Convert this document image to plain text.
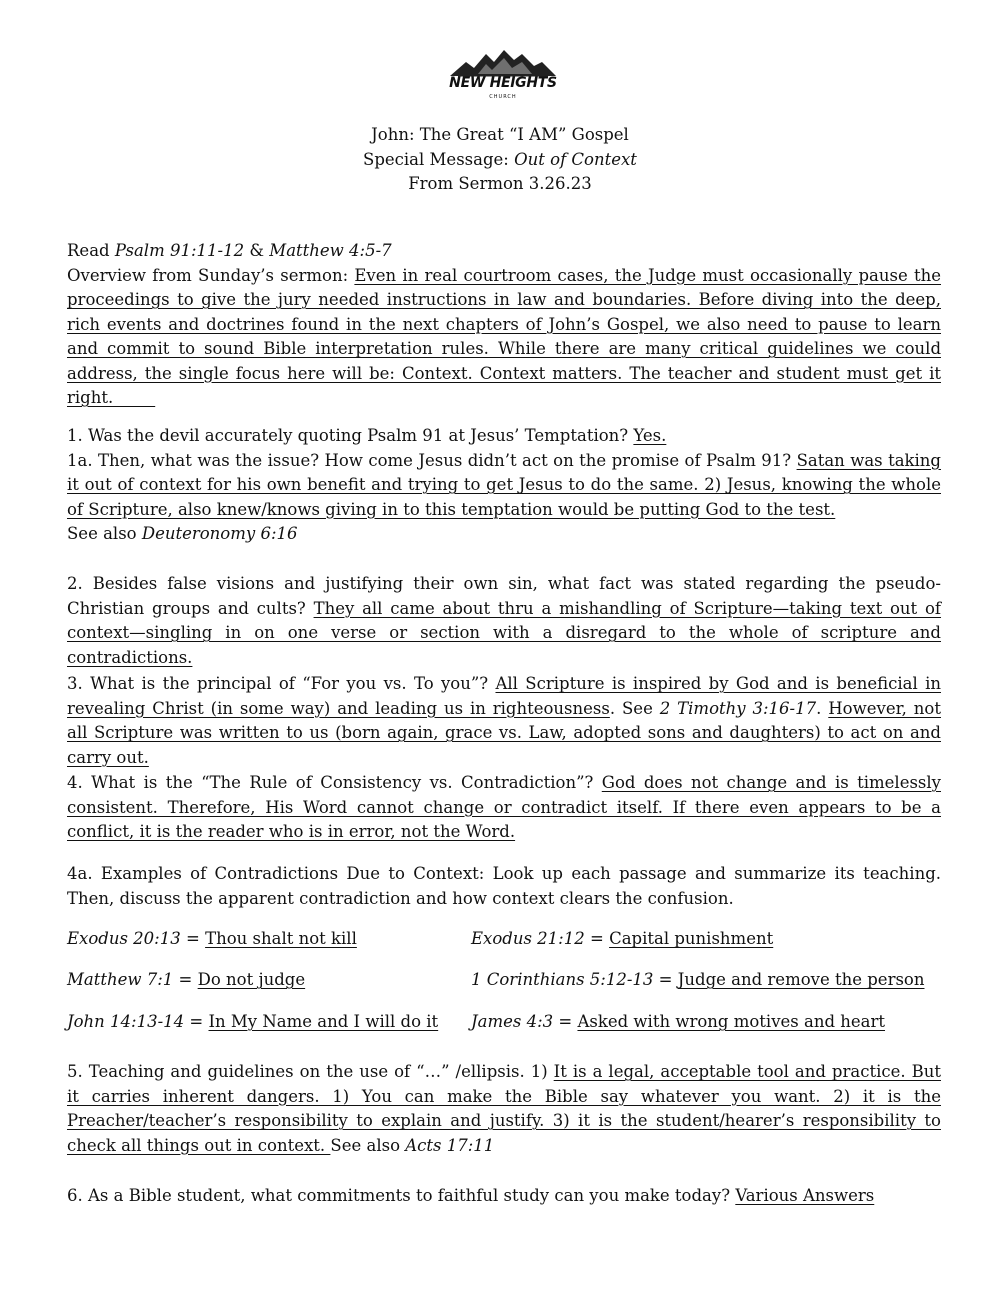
NEW HEIGHTS
CHURCH
John: The Great “I AM” Gospel
Special Message: Out of Context
From Sermon 3.26.23

Read Psalm 91:11-12 & Matthew 4:5-7

Overview from Sunday’s sermon: Even in real courtroom cases, the Judge must occasionally pause the proceedings to give the jury needed instructions in law and boundaries. Before diving into the deep, rich events and doctrines found in the next chapters of John’s Gospel, we also need to pause to learn and commit to sound Bible interpretation rules. While there are many critical guidelines we could address, the single focus here will be: Context. Context matters. The teacher and student must get it right.

1. Was the devil accurately quoting Psalm 91 at Jesus’ Temptation? Yes.

1a. Then, what was the issue? How come Jesus didn’t act on the promise of Psalm 91? Satan was taking it out of context for his own benefit and trying to get Jesus to do the same. 2) Jesus, knowing the whole of Scripture, also knew/knows giving in to this temptation would be putting God to the test.

See also Deuteronomy 6:16

2. Besides false visions and justifying their own sin, what fact was stated regarding the pseudo-Christian groups and cults? They all came about thru a mishandling of Scripture—taking text out of context—singling in on one verse or section with a disregard to the whole of scripture and contradictions.

3. What is the principal of “For you vs. To you”? All Scripture is inspired by God and is beneficial in revealing Christ (in some way) and leading us in righteousness. See 2 Timothy 3:16-17. However, not all Scripture was written to us (born again, grace vs. Law, adopted sons and daughters) to act on and carry out.

4. What is the “The Rule of Consistency vs. Contradiction”? God does not change and is timelessly consistent. Therefore, His Word cannot change or contradict itself. If there even appears to be a conflict, it is the reader who is in error, not the Word.

4a. Examples of Contradictions Due to Context: Look up each passage and summarize its teaching. Then, discuss the apparent contradiction and how context clears the confusion.

Exodus 20:13 = Thou shalt not kill	Exodus 21:12 = Capital punishment
Matthew 7:1 = Do not judge	1 Corinthians 5:12-13 = Judge and remove the person
John 14:13-14 = In My Name and I will do it James 4:3 = Asked with wrong motives and heart

5. Teaching and guidelines on the use of “…” /ellipsis. 1) It is a legal, acceptable tool and practice. But it carries inherent dangers. 1) You can make the Bible say whatever you want. 2) it is the Preacher/teacher’s responsibility to explain and justify. 3) it is the student/hearer’s responsibility to check all things out in context. See also Acts 17:11

6. As a Bible student, what commitments to faithful study can you make today? Various Answers
